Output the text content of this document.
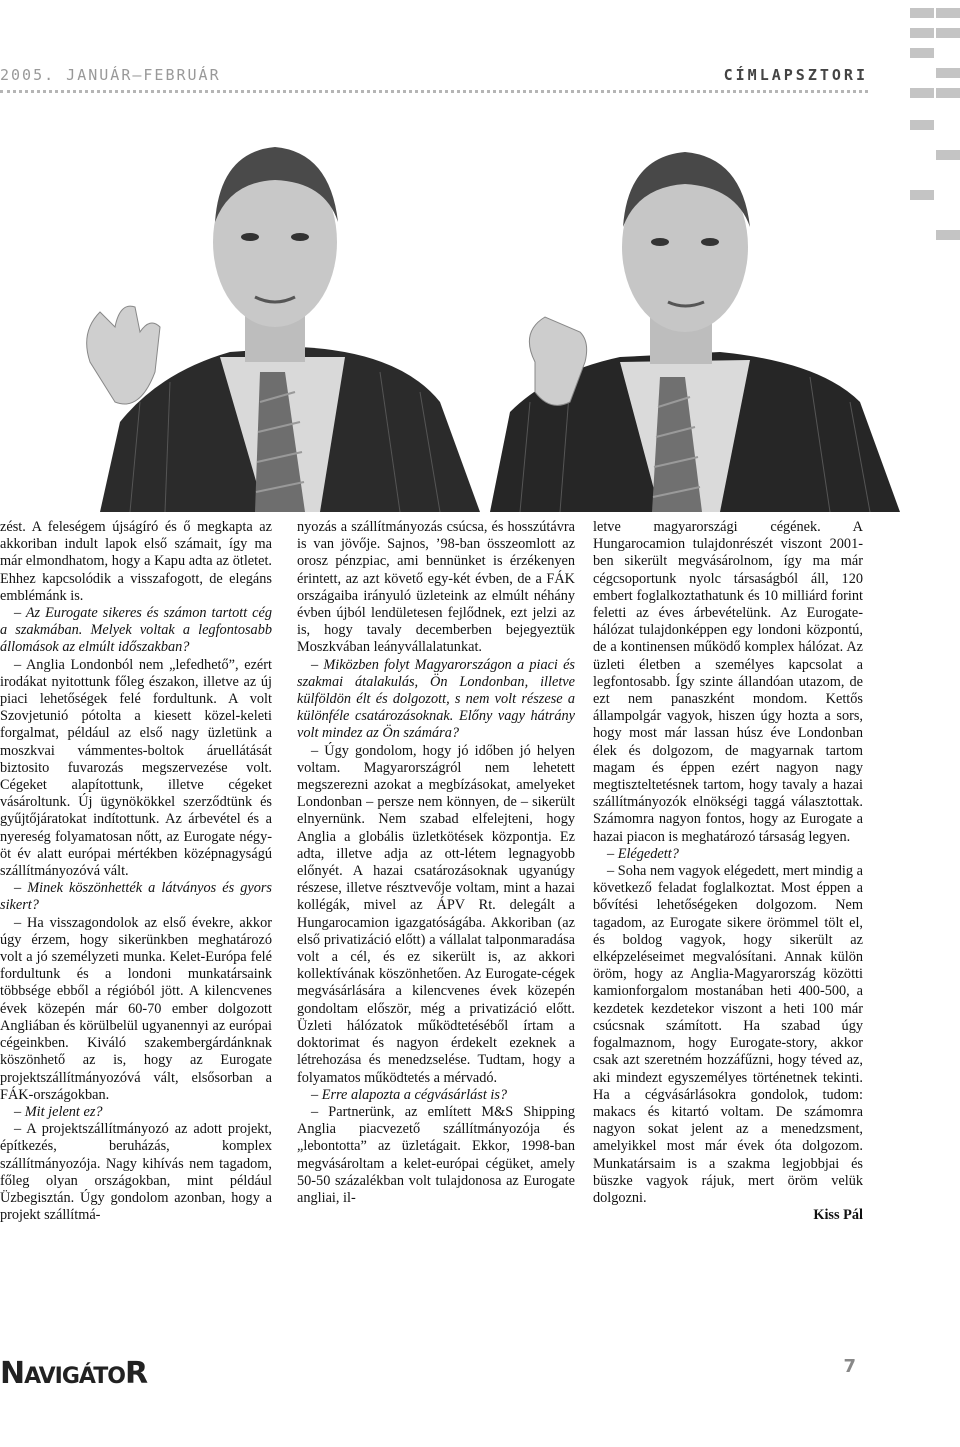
2005. JANUÁR–FEBRUÁR	CÍMLAPSZTORI

zést. A feleségem újságíró és ő megkapta az akkoriban indult lapok első számait, így ma már elmondhatom, hogy a Kapu adta az ötletet. Ehhez kapcsolódik a visszafogott, de elegáns emblémánk is.

– Az Eurogate sikeres és számon tartott cég a szakmában. Melyek voltak a legfontosabb állomások az elmúlt időszakban?

– Anglia Londonból nem „lefedhető”, ezért irodákat nyitottunk főleg északon, illetve az új piaci lehetőségek felé fordultunk. A volt Szovjetunió pótolta a kiesett közel-keleti forgalmat, például az első nagy üzletünk a moszkvai vámmentes-boltok áruellátását biztosito fuvarozás megszervezése volt. Cégeket alapítottunk, illetve cégeket vásároltunk. Új ügynökökkel szerződtünk és gyűjtőjáratokat indítottunk. Az árbevétel és a nyereség folyamatosan nőtt, az Eurogate négy-öt év alatt európai mértékben középnagyságú szállítmányozóvá vált.

– Minek köszönhették a látványos és gyors sikert?

– Ha visszagondolok az első évekre, akkor úgy érzem, hogy sikerünkben meghatározó volt a jó személyzeti munka. Kelet-Európa felé fordultunk és a londoni munkatársaink többsége ebből a régióból jött. A kilencvenes évek közepén már 60-70 ember dolgozott Angliában és körülbelül ugyanennyi az európai cégeinkben. Kiváló szakembergárdánknak köszönhető az is, hogy az Eurogate projektszállítmányozóvá vált, elsősorban a FÁK-országokban.

– Mit jelent ez?

– A projektszállítmányozó az adott projekt, építkezés, beruházás, komplex szállítmányozója. Nagy kihívás nem tagadom, főleg olyan országokban, mint például Üzbegisztán. Úgy gondolom azonban, hogy a projekt szállítmá-

nyozás a szállítmányozás csúcsa, és hosszútávra is van jövője. Sajnos, ’98-ban összeomlott az orosz pénzpiac, ami bennünket is érzékenyen érintett, az azt követő egy-két évben, de a FÁK országaiba irányuló üzleteink az elmúlt néhány évben újból lendületesen fejlődnek, ezt jelzi az is, hogy tavaly decemberben bejegyeztük Moszkvában leányvállalatunkat.

– Miközben folyt Magyarországon a piaci és szakmai átalakulás, Ön Londonban, illetve külföldön élt és dolgozott, s nem volt részese a különféle csatározásoknak. Előny vagy hátrány volt mindez az Ön számára?

– Úgy gondolom, hogy jó időben jó helyen voltam. Magyarországról nem lehetett megszerezni azokat a megbízásokat, amelyeket Londonban – persze nem könnyen, de – sikerült elnyernünk. Nem szabad elfelejteni, hogy Anglia a globális üzletkötések központja. Ez adta, illetve adja az ott-létem legnagyobb előnyét. A hazai csatározásoknak ugyanúgy részese, illetve résztvevője voltam, mint a hazai kollégák, mivel az ÁPV Rt. delegált a Hungarocamion igazgatóságába. Akkoriban (az első privatizáció előtt) a vállalat talponmaradása volt a cél, és ez sikerült is, az akkori kollektívának köszönhetően. Az Eurogate-cégek megvásárlására a kilencvenes évek közepén gondoltam először, még a privatizáció előtt. Üzleti hálózatok működtetéséből írtam a doktorimat és nagyon érdekelt ezeknek a létrehozása és menedzselése. Tudtam, hogy a folyamatos működtetés a mérvadó.

– Erre alapozta a cégvásárlást is?

– Partnerünk, az említett M&S Shipping Anglia piacvezető szállítmányozója és „lebontotta” az üzletágait. Ekkor, 1998-ban megvásároltam a kelet-európai cégüket, amely 50-50 százalékban volt tulajdonosa az Eurogate angliai, il-

letve magyarországi cégének. A Hungarocamion tulajdonrészét viszont 2001-ben sikerült megvásárolnom, így ma már cégcsoportunk nyolc társaságból áll, 120 embert foglalkoztathatunk és 10 milliárd forint feletti az éves árbevételünk. Az Eurogate-hálózat tulajdonképpen egy londoni központú, de a kontinensen működő komplex hálózat. Az üzleti életben a személyes kapcsolat a legfontosabb. Így szinte állandóan utazom, de ezt nem panaszként mondom. Kettős állampolgár vagyok, hiszen úgy hozta a sors, hogy most már lassan húsz éve Londonban élek és dolgozom, de magyarnak tartom magam és éppen ezért nagyon nagy megtiszteltetésnek tartom, hogy tavaly a hazai szállítmányozók elnökségi taggá választottak. Számomra nagyon fontos, hogy az Eurogate a hazai piacon is meghatározó társaság legyen.

– Elégedett?

– Soha nem vagyok elégedett, mert mindig a következő feladat foglalkoztat. Most éppen a bővítési lehetőségeken dolgozom. Nem tagadom, az Eurogate sikere örömmel tölt el, és boldog vagyok, hogy sikerült az elképzeléseimet megvalósítani. Annak külön öröm, hogy az Anglia-Magyarország közötti kamionforgalom mostanában heti 400-500, a kezdetek kezdetekor viszont a heti 100 már csúcsnak számított. Ha szabad úgy fogalmaznom, hogy Eurogate-story, akkor csak azt szeretném hozzáfűzni, hogy téved az, aki mindezt egyszemélyes történetnek tekinti. Ha a cégvásárlásokra gondolok, tudom: makacs és kitartó voltam. De számomra nagyon sokat jelent az a menedzsment, amelyikkel most már évek óta dolgozom. Munkatársaim is a szakma legjobbjai és büszke vagyok rájuk, mert öröm velük dolgozni.

Kiss Pál

NAVIGÁTOR	7
